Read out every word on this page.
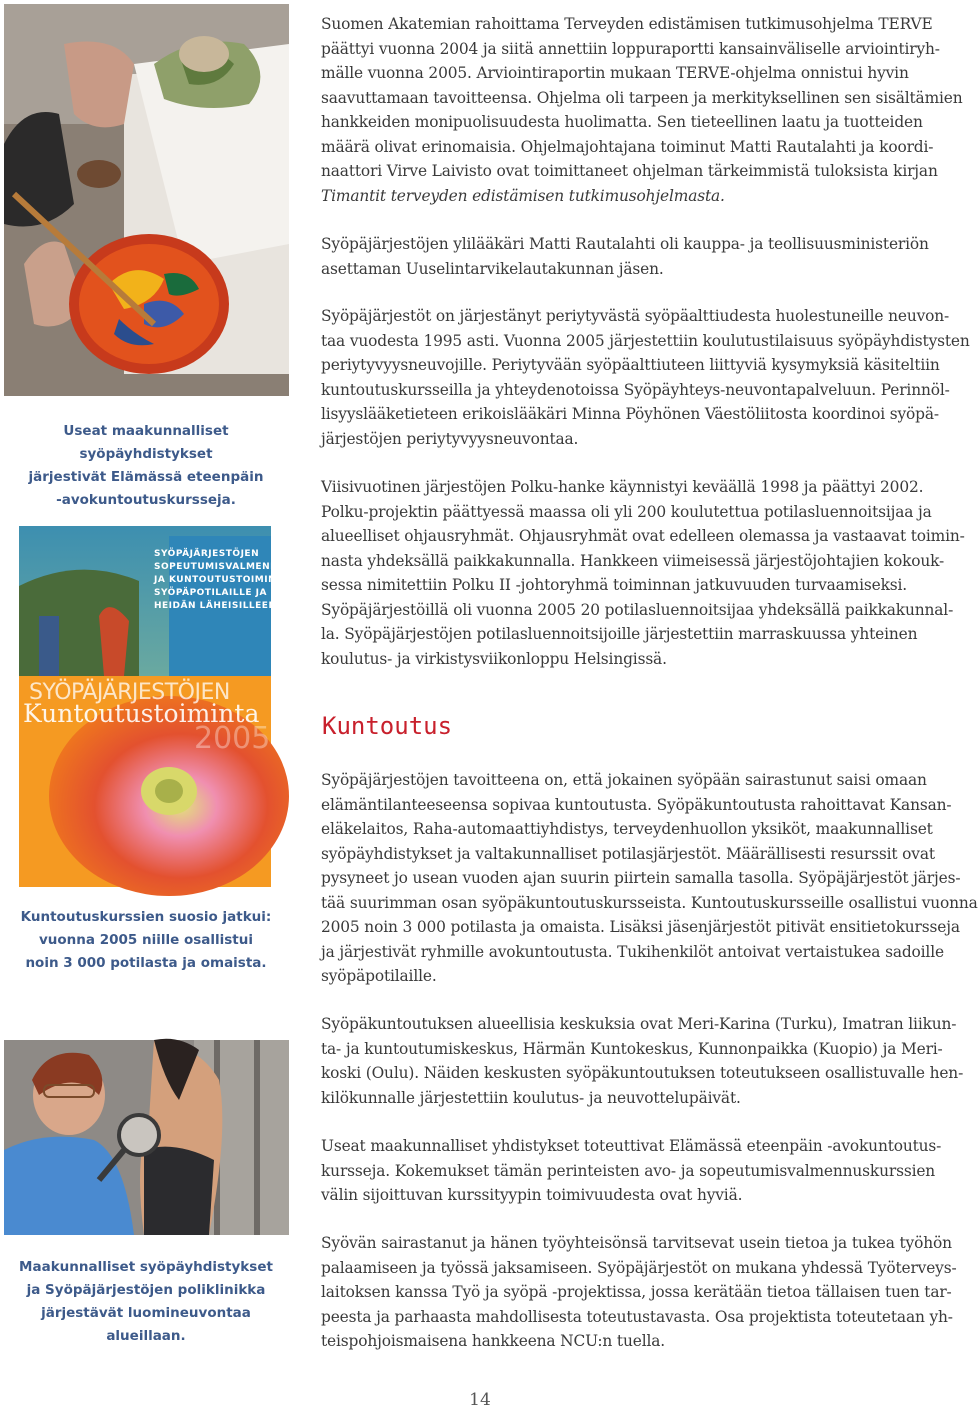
Useat maakunnalliset syöpäyhdistykset
järjestivät Elämässä eteenpäin
-avokuntoutuskursseja.
SYÖPÄJÄRJESTÖJEN
SOPEUTUMISVALMENNUS-
JA KUNTOUTUSTOIMINTA
SYÖPÄPOTILAILLE JA
HEIDÄN LÄHEISILLEEN
SYÖPÄJÄRJESTÖJEN
Kuntoutustoiminta
2005
Kuntoutuskurssien suosio jatkui:
vuonna 2005 niille osallistui
noin 3 000 potilasta ja omaista.
Maakunnalliset syöpäyhdistykset
ja Syöpäjärjestöjen poliklinikka
järjestävät luomineuvontaa alueillaan.

Suomen Akatemian rahoittama Terveyden edistämisen tutkimusohjelma TERVE
päättyi vuonna 2004 ja siitä annettiin loppuraportti kansainväliselle arviointiryh-
mälle vuonna 2005. Arviointiraportin mukaan TERVE-ohjelma onnistui hyvin
saavuttamaan tavoitteensa. Ohjelma oli tarpeen ja merkityksellinen sen sisältämien
hankkeiden monipuolisuudesta huolimatta. Sen tieteellinen laatu ja tuotteiden
määrä olivat erinomaisia. Ohjelmajohtajana toiminut Matti Rautalahti ja koordi-
naattori Virve Laivisto ovat toimittaneet ohjelman tärkeimmistä tuloksista kirjan
Timantit terveyden edistämisen tutkimusohjelmasta.

Syöpäjärjestöjen ylilääkäri Matti Rautalahti oli kauppa- ja teollisuusministeriön
asettaman Uuselintarvikelautakunnan jäsen.

Syöpäjärjestöt on järjestänyt periytyvästä syöpäalttiudesta huolestuneille neuvon-
taa vuodesta 1995 asti. Vuonna 2005 järjestettiin koulutustilaisuus syöpäyhdistysten
periytyvyysneuvojille. Periytyvään syöpäalttiuteen liittyviä kysymyksiä käsiteltiin
kuntoutuskursseilla ja yhteydenotoissa Syöpäyhteys-neuvontapalveluun. Perinnöl-
lisyyslääketieteen erikoislääkäri Minna Pöyhönen Väestöliitosta koordinoi syöpä-
järjestöjen periytyvyysneuvontaa.

Viisivuotinen järjestöjen Polku-hanke käynnistyi keväällä 1998 ja päättyi 2002.
Polku-projektin päättyessä maassa oli yli 200 koulutettua potilasluennoitsijaa ja
alueelliset ohjausryhmät. Ohjausryhmät ovat edelleen olemassa ja vastaavat toimin-
nasta yhdeksällä paikkakunnalla. Hankkeen viimeisessä järjestöjohtajien kokouk-
sessa nimitettiin Polku II -johtoryhmä toiminnan jatkuvuuden turvaamiseksi.
Syöpäjärjestöillä oli vuonna 2005 20 potilasluennoitsijaa yhdeksällä paikkakunnal-
la. Syöpäjärjestöjen potilasluennoitsijoille järjestettiin marraskuussa yhteinen
koulutus- ja virkistysviikonloppu Helsingissä.

Kuntoutus

Syöpäjärjestöjen tavoitteena on, että jokainen syöpään sairastunut saisi omaan
elämäntilanteeseensa sopivaa kuntoutusta. Syöpäkuntoutusta rahoittavat Kansan-
eläkelaitos, Raha-automaattiyhdistys, terveydenhuollon yksiköt, maakunnalliset
syöpäyhdistykset ja valtakunnalliset potilasjärjestöt. Määrällisesti resurssit ovat
pysyneet jo usean vuoden ajan suurin piirtein samalla tasolla. Syöpäjärjestöt järjes-
tää suurimman osan syöpäkuntoutuskursseista. Kuntoutuskursseille osallistui vuonna
2005 noin 3 000 potilasta ja omaista. Lisäksi jäsenjärjestöt pitivät ensitietokursseja
ja järjestivät ryhmille avokuntoutusta. Tukihenkilöt antoivat vertaistukea sadoille
syöpäpotilaille.

Syöpäkuntoutuksen alueellisia keskuksia ovat Meri-Karina (Turku), Imatran liikun-
ta- ja kuntoutumiskeskus, Härmän Kuntokeskus, Kunnonpaikka (Kuopio) ja Meri-
koski (Oulu). Näiden keskusten syöpäkuntoutuksen toteutukseen osallistuvalle hen-
kilökunnalle järjestettiin koulutus- ja neuvottelupäivät.

Useat maakunnalliset yhdistykset toteuttivat Elämässä eteenpäin -avokuntoutus-
kursseja. Kokemukset tämän perinteisten avo- ja sopeutumisvalmennuskurssien
välin sijoittuvan kurssityypin toimivuudesta ovat hyviä.

Syövän sairastanut ja hänen työyhteisönsä tarvitsevat usein tietoa ja tukea työhön
palaamiseen ja työssä jaksamiseen. Syöpäjärjestöt on mukana yhdessä Työterveys-
laitoksen kanssa Työ ja syöpä -projektissa, jossa kerätään tietoa tällaisen tuen tar-
peesta ja parhaasta mahdollisesta toteutustavasta. Osa projektista toteutetaan yh-
teispohjoismaisena hankkeena NCU:n tuella.

14
